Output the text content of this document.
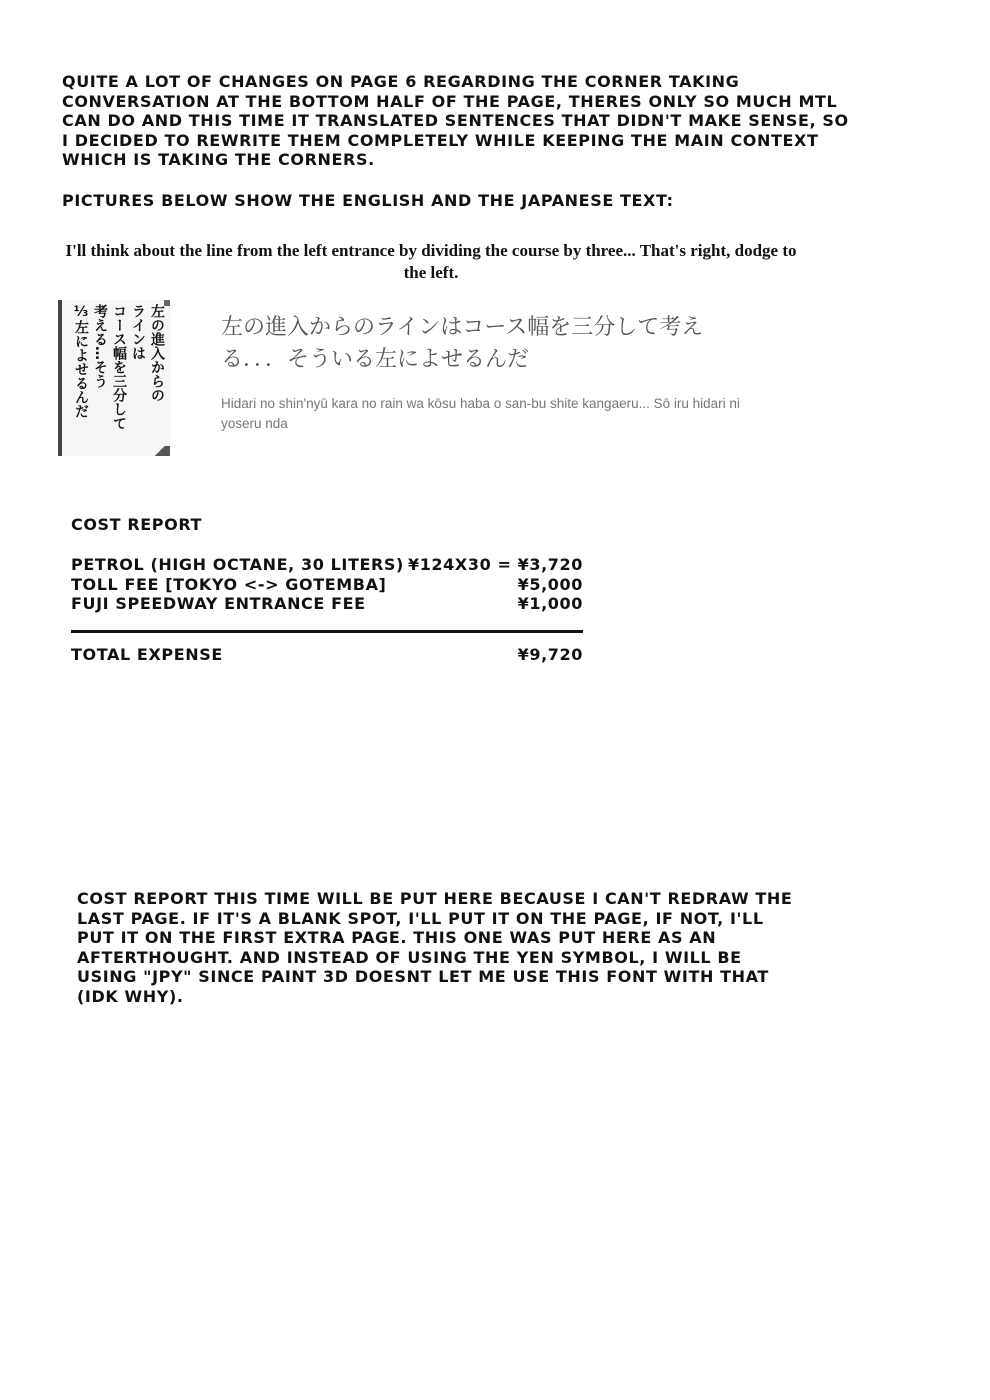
QUITE A LOT OF CHANGES ON PAGE 6 REGARDING THE CORNER TAKING CONVERSATION AT THE BOTTOM HALF OF THE PAGE, THERES ONLY SO MUCH MTL CAN DO AND THIS TIME IT TRANSLATED SENTENCES THAT DIDN'T MAKE SENSE, SO I DECIDED TO REWRITE THEM COMPLETELY WHILE KEEPING THE MAIN CONTEXT WHICH IS TAKING THE CORNERS.

PICTURES BELOW SHOW THE ENGLISH AND THE JAPANESE TEXT:

I'll think about the line from the left entrance by dividing the course by three... That's right, dodge to the left.

左の進入からの
ラインは
コース幅を三分して
考える…そう
⅓左によせるんだ	左の進入からのラインはコース幅を三分して考える．．．そういる左によせるんだ

Hidari no shin'nyū kara no rain wa kōsu haba o san-bu shite kangaeru... Sō iru hidari ni yoseru nda

COST REPORT
PETROL (HIGH OCTANE, 30 LITERS) ¥124X30 = ¥3,720
TOLL FEE [TOKYO <-> GOTEMBA]	¥5,000
FUJI SPEEDWAY ENTRANCE FEE	¥1,000
TOTAL EXPENSE	¥9,720

COST REPORT THIS TIME WILL BE PUT HERE BECAUSE I CAN'T REDRAW THE LAST PAGE. IF IT'S A BLANK SPOT, I'LL PUT IT ON THE PAGE, IF NOT, I'LL PUT IT ON THE FIRST EXTRA PAGE. THIS ONE WAS PUT HERE AS AN AFTERTHOUGHT. AND INSTEAD OF USING THE YEN SYMBOL, I WILL BE USING "JPY" SINCE PAINT 3D DOESNT LET ME USE THIS FONT WITH THAT (IDK WHY).
